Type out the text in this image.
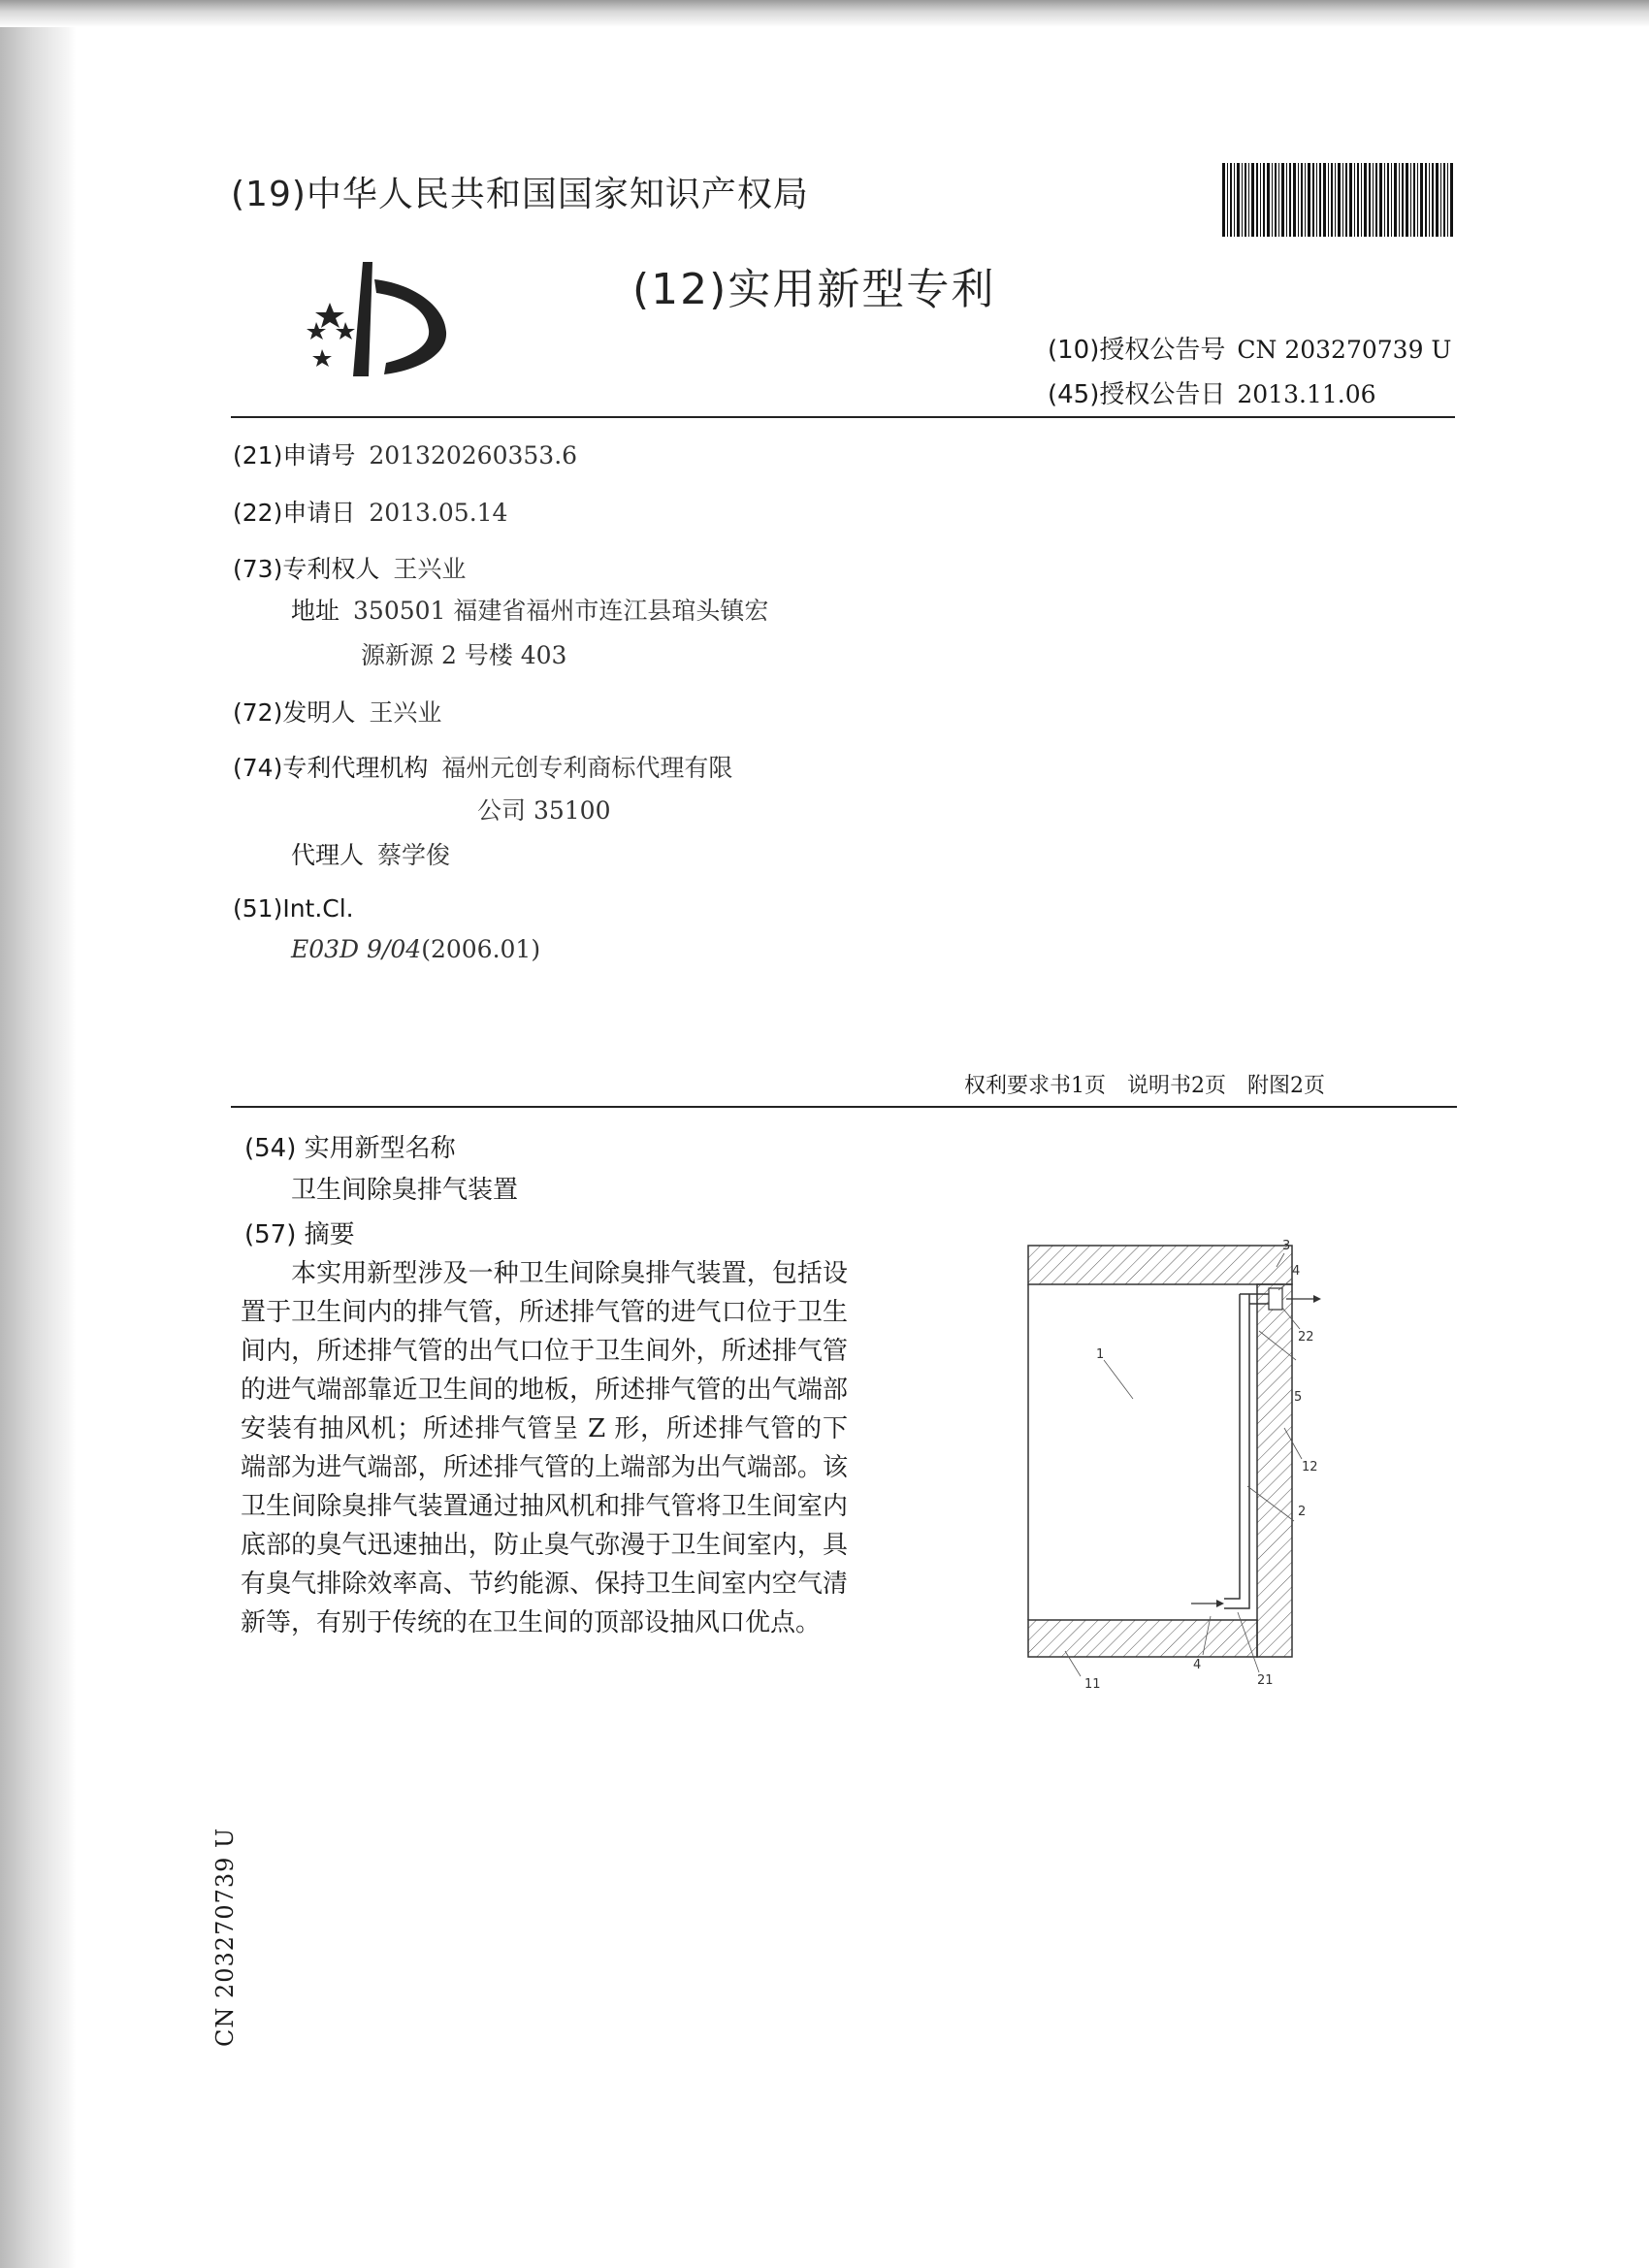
(19)中华人民共和国国家知识产权局
(12)实用新型专利
(10)授权公告号 CN 203270739 U
(45)授权公告日 2013.11.06
(21)申请号 201320260353.6
(22)申请日 2013.05.14
(73)专利权人 王兴业
地址 350501 福建省福州市连江县琯头镇宏
源新源 2 号楼 403
(72)发明人 王兴业
(74)专利代理机构 福州元创专利商标代理有限
公司 35100
代理人 蔡学俊
(51)Int.Cl.
E03D 9/04(2006.01)
权利要求书1页 说明书2页 附图2页
(54) 实用新型名称
卫生间除臭排气装置
(57) 摘要
本实用新型涉及一种卫生间除臭排气装置，包括设置于卫生间内的排气管，所述排气管的进气口位于卫生间内，所述排气管的出气口位于卫生间外，所述排气管的进气端部靠近卫生间的地板，所述排气管的出气端部安装有抽风机；所述排气管呈 Z 形，所述排气管的下端部为进气端部，所述排气管的上端部为出气端部。该卫生间除臭排气装置通过抽风机和排气管将卫生间室内底部的臭气迅速抽出，防止臭气弥漫于卫生间室内，具有臭气排除效率高、节约能源、保持卫生间室内空气清新等，有别于传统的在卫生间的顶部设抽风口优点。
1
2
3
4
22
5
12
11
4
21
CN 203270739 U
